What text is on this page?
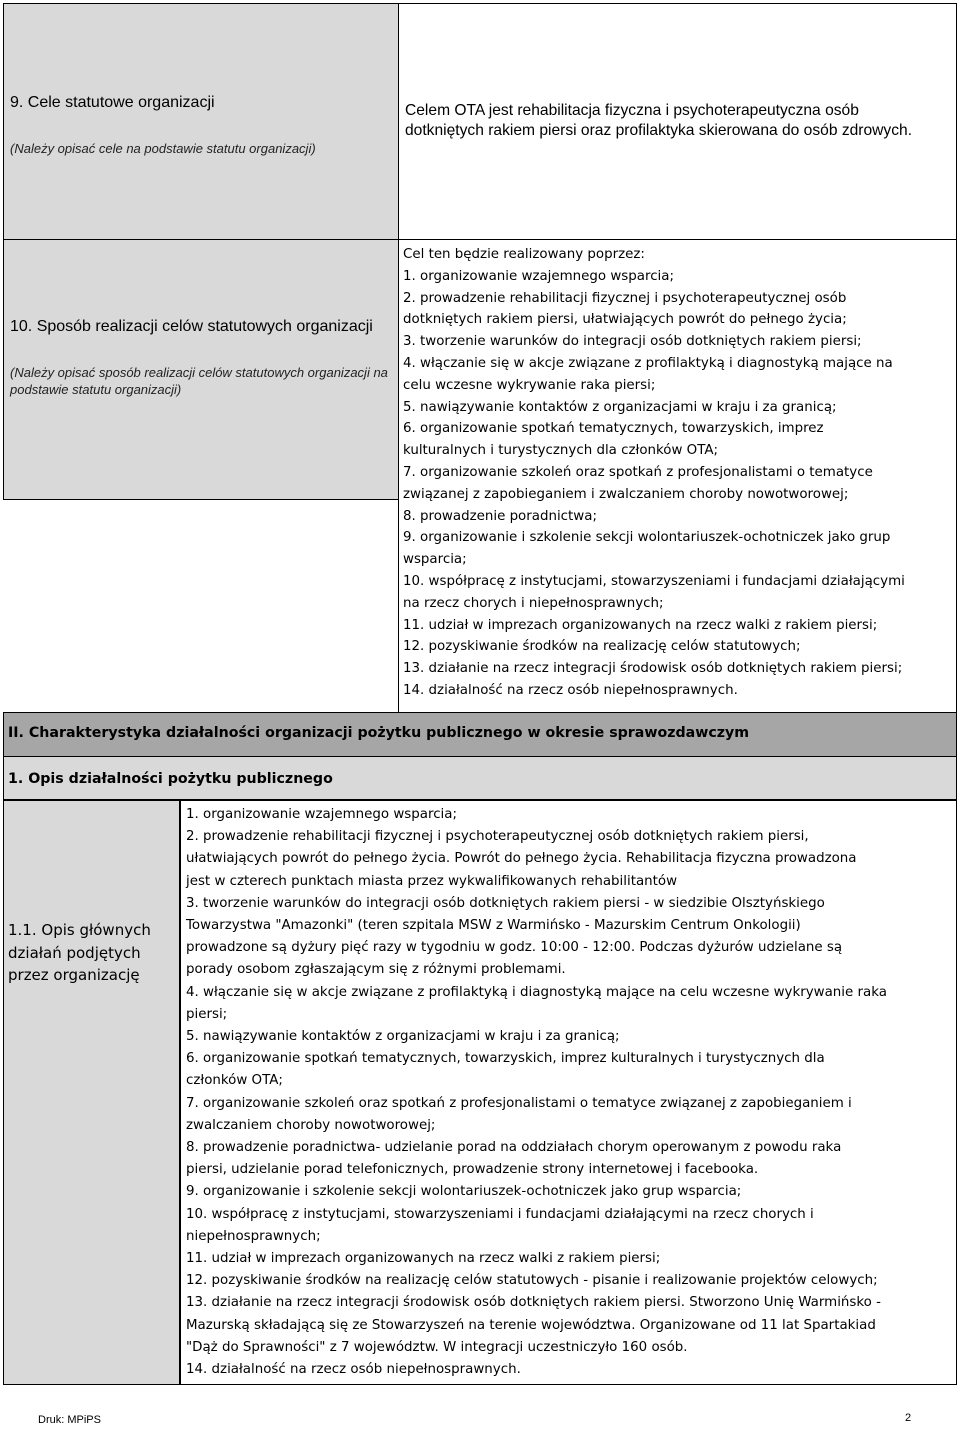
9. Cele statutowe organizacji
(Należy opisać cele na podstawie statutu organizacji)

Celem OTA jest rehabilitacja fizyczna i psychoterapeutyczna osób

dotkniętych rakiem piersi oraz profilaktyka skierowana do osób zdrowych.

10. Sposób realizacji celów statutowych organizacji

(Należy opisać sposób realizacji celów statutowych organizacji na

podstawie statutu organizacji)

Cel ten będzie realizowany poprzez:

1. organizowanie wzajemnego wsparcia;

2. prowadzenie rehabilitacji fizycznej i psychoterapeutycznej osób

dotkniętych rakiem piersi, ułatwiających powrót do pełnego życia;

3. tworzenie warunków do integracji osób dotkniętych rakiem piersi;

4. włączanie się w akcje związane z profilaktyką i diagnostyką mające na

celu wczesne wykrywanie raka piersi;

5. nawiązywanie kontaktów z organizacjami w kraju i za granicą;

6. organizowanie spotkań tematycznych, towarzyskich, imprez

kulturalnych i turystycznych dla członków OTA;

7. organizowanie szkoleń oraz spotkań z profesjonalistami o tematyce

związanej z zapobieganiem i zwalczaniem choroby nowotworowej;

8. prowadzenie poradnictwa;

9. organizowanie i szkolenie sekcji wolontariuszek-ochotniczek jako grup

wsparcia;

10. współpracę z instytucjami, stowarzyszeniami i fundacjami działającymi

na rzecz chorych i niepełnosprawnych;

11. udział w imprezach organizowanych na rzecz walki z rakiem piersi;

12. pozyskiwanie środków na realizację celów statutowych;

13. działanie na rzecz integracji środowisk osób dotkniętych rakiem piersi;

14. działalność na rzecz osób niepełnosprawnych.

II. Charakterystyka działalności organizacji pożytku publicznego w okresie sprawozdawczym
1. Opis działalności pożytku publicznego

1.1. Opis głównych

działań podjętych

przez organizację

1. organizowanie wzajemnego wsparcia;

2. prowadzenie rehabilitacji fizycznej i psychoterapeutycznej osób dotkniętych rakiem piersi,

ułatwiających powrót do pełnego życia. Powrót do pełnego życia. Rehabilitacja fizyczna prowadzona

jest w czterech punktach miasta przez wykwalifikowanych rehabilitantów

3. tworzenie warunków do integracji osób dotkniętych rakiem piersi - w siedzibie Olsztyńskiego

Towarzystwa "Amazonki" (teren szpitala MSW z Warmińsko - Mazurskim Centrum Onkologii)

prowadzone są dyżury pięć razy w tygodniu w godz. 10:00 - 12:00. Podczas dyżurów udzielane są

porady osobom zgłaszającym się z różnymi problemami.

4. włączanie się w akcje związane z profilaktyką i diagnostyką mające na celu wczesne wykrywanie raka

piersi;

5. nawiązywanie kontaktów z organizacjami w kraju i za granicą;

6. organizowanie spotkań tematycznych, towarzyskich, imprez kulturalnych i turystycznych dla

członków OTA;

7. organizowanie szkoleń oraz spotkań z profesjonalistami o tematyce związanej z zapobieganiem i

zwalczaniem choroby nowotworowej;

8. prowadzenie poradnictwa- udzielanie porad na oddziałach chorym operowanym z powodu raka

piersi, udzielanie porad telefonicznych, prowadzenie strony internetowej i facebooka.

9. organizowanie i szkolenie sekcji wolontariuszek-ochotniczek jako grup wsparcia;

10. współpracę z instytucjami, stowarzyszeniami i fundacjami działającymi na rzecz chorych i

niepełnosprawnych;

11. udział w imprezach organizowanych na rzecz walki z rakiem piersi;

12. pozyskiwanie środków na realizację celów statutowych - pisanie i realizowanie projektów celowych;

13. działanie na rzecz integracji środowisk osób dotkniętych rakiem piersi. Stworzono Unię Warmińsko -

Mazurską składającą się ze Stowarzyszeń na terenie województwa. Organizowane od 11 lat Spartakiad

"Dąż do Sprawności" z 7 województw. W integracji uczestniczyło 160 osób.

14. działalność na rzecz osób niepełnosprawnych.

Druk: MPiPS	2
